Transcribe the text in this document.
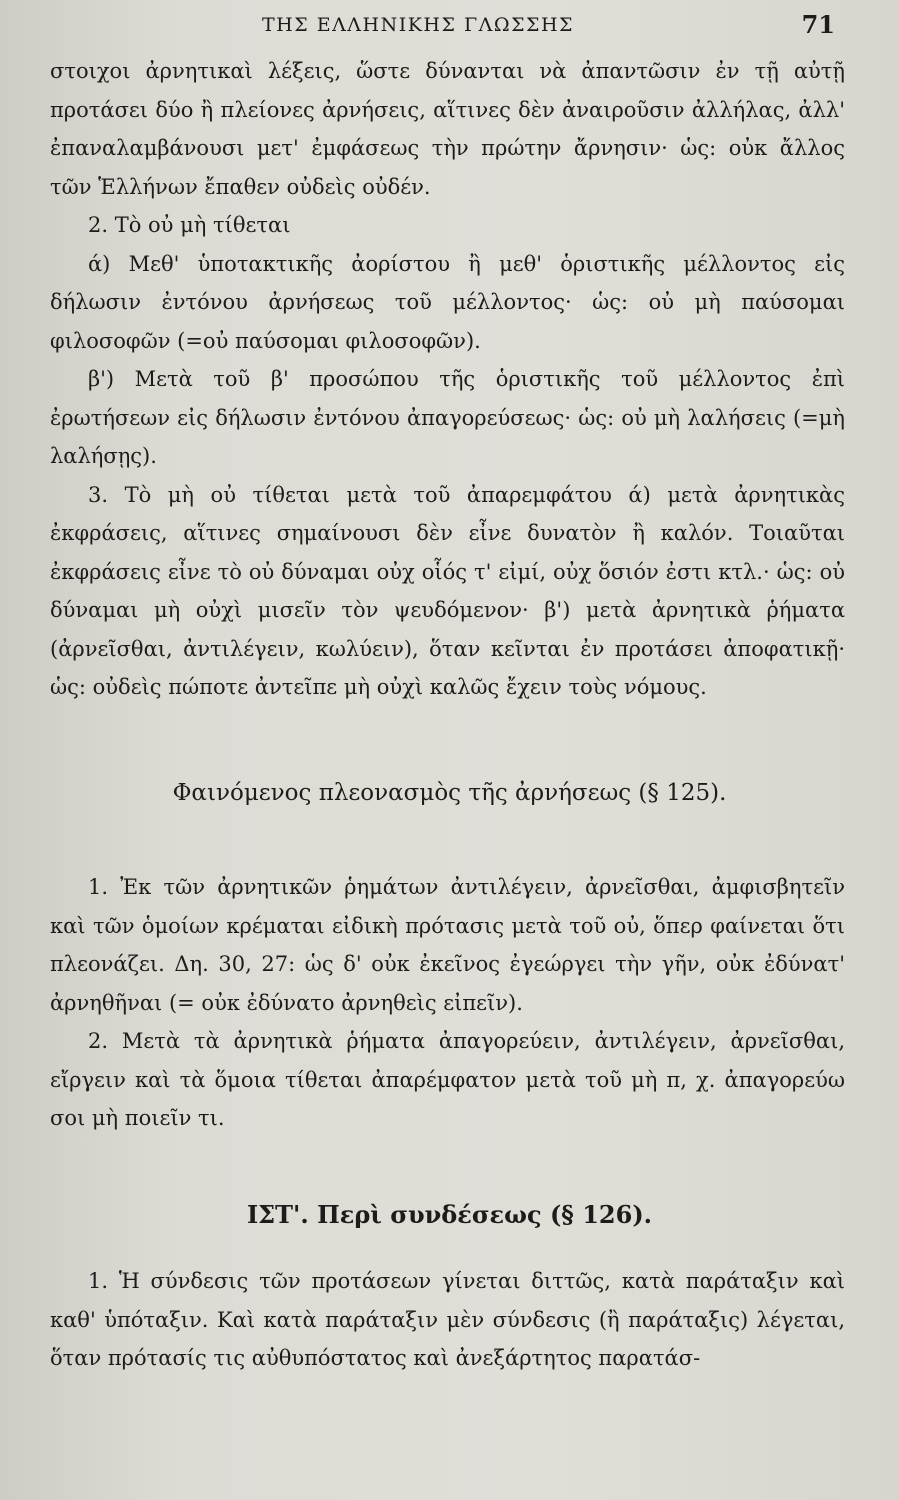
ΤΗΣ ΕΛΛΗΝΙΚΗΣ ΓΛΩΣΣΗΣ	71

στοιχοι ἀρνητικαὶ λέξεις, ὥστε δύνανται νὰ ἀπαντῶσιν ἐν τῇ αὐτῇ προτάσει δύο ἢ πλείονες ἀρνήσεις, αἵτινες δὲν ἀναιροῦσιν ἀλλήλας, ἀλλ' ἐπαναλαμβάνουσι μετ' ἐμφάσεως τὴν πρώτην ἄρνησιν· ὡς: οὐκ ἄλλος τῶν Ἑλλήνων ἔπαθεν οὐδεὶς οὐδέν.

2. Τὸ οὐ μὴ τίθεται

ά) Μεθ' ὑποτακτικῆς ἀορίστου ἢ μεθ' ὁριστικῆς μέλλοντος εἰς δήλωσιν ἐντόνου ἀρνήσεως τοῦ μέλλοντος· ὡς: οὐ μὴ παύσομαι φιλοσοφῶν (=οὐ παύσομαι φιλοσοφῶν).

β') Μετὰ τοῦ β' προσώπου τῆς ὁριστικῆς τοῦ μέλλοντος ἐπὶ ἐρωτήσεων εἰς δήλωσιν ἐντόνου ἀπαγορεύσεως· ὡς: οὐ μὴ λαλήσεις (=μὴ λαλήσῃς).

3. Τὸ μὴ οὐ τίθεται μετὰ τοῦ ἀπαρεμφάτου ά) μετὰ ἀρνητικὰς ἐκφράσεις, αἵτινες σημαίνουσι δὲν εἶνε δυνατὸν ἢ καλόν. Τοιαῦται ἐκφράσεις εἶνε τὸ οὐ δύναμαι οὐχ οἷός τ' εἰμί, οὐχ ὅσιόν ἐστι κτλ.· ὡς: οὐ δύναμαι μὴ οὐχὶ μισεῖν τὸν ψευδόμενον· β') μετὰ ἀρνητικὰ ῥήματα (ἀρνεῖσθαι, ἀντιλέγειν, κωλύειν), ὅταν κεῖνται ἐν προτάσει ἀποφατικῇ· ὡς: οὐδεὶς πώποτε ἀντεῖπε μὴ οὐχὶ καλῶς ἔχειν τοὺς νόμους.

Φαινόμενος πλεονασμὸς τῆς ἀρνήσεως (§ 125).

1. Ἐκ τῶν ἀρνητικῶν ῥημάτων ἀντιλέγειν, ἀρνεῖσθαι, ἀμφισβητεῖν καὶ τῶν ὁμοίων κρέμαται εἰδικὴ πρότασις μετὰ τοῦ οὐ, ὅπερ φαίνεται ὅτι πλεονάζει. Δη. 30, 27: ὡς δ' οὐκ ἐκεῖνος ἐγεώργει τὴν γῆν, οὐκ ἐδύνατ' ἀρνηθῆναι (= οὐκ ἐδύνατο ἀρνηθεὶς εἰπεῖν).

2. Μετὰ τὰ ἀρνητικὰ ῥήματα ἀπαγορεύειν, ἀντιλέγειν, ἀρνεῖσθαι, εἴργειν καὶ τὰ ὅμοια τίθεται ἀπαρέμφατον μετὰ τοῦ μὴ π, χ. ἀπαγορεύω σοι μὴ ποιεῖν τι.

ΙΣΤ'. Περὶ συνδέσεως (§ 126).

1. Ἡ σύνδεσις τῶν προτάσεων γίνεται διττῶς, κατὰ παράταξιν καὶ καθ' ὑπόταξιν. Καὶ κατὰ παράταξιν μὲν σύνδεσις (ἢ παράταξις) λέγεται, ὅταν πρότασίς τις αὐθυπόστατος καὶ ἀνεξάρτητος παρατάσ-
